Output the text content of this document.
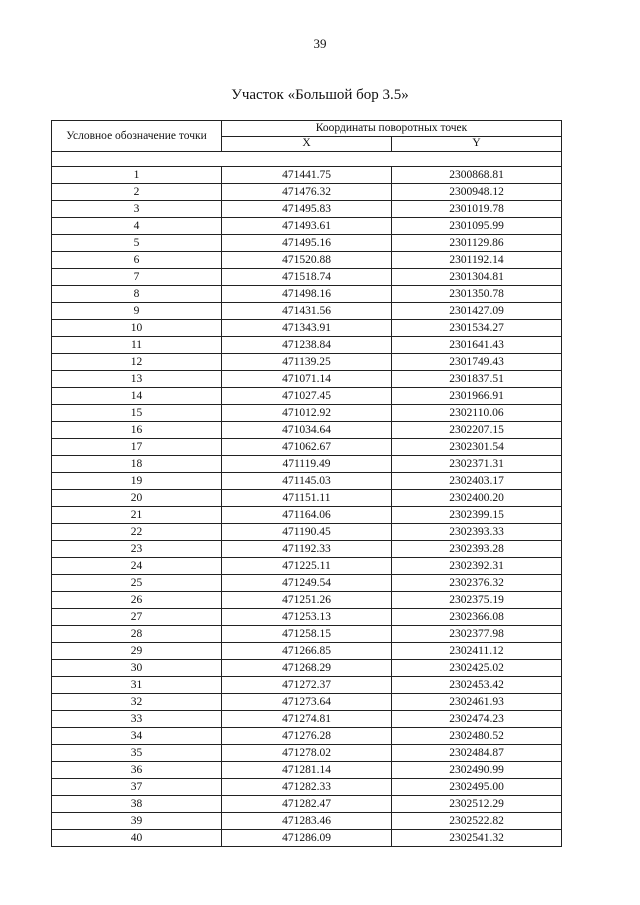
39
Участок «Большой бор 3.5»
Условное обозначение точки	Координаты поворотных точек	
	X	Y

1	471441.75	2300868.81
2	471476.32	2300948.12
3	471495.83	2301019.78
4	471493.61	2301095.99
5	471495.16	2301129.86
6	471520.88	2301192.14
7	471518.74	2301304.81
8	471498.16	2301350.78
9	471431.56	2301427.09
10	471343.91	2301534.27
11	471238.84	2301641.43
12	471139.25	2301749.43
13	471071.14	2301837.51
14	471027.45	2301966.91
15	471012.92	2302110.06
16	471034.64	2302207.15
17	471062.67	2302301.54
18	471119.49	2302371.31
19	471145.03	2302403.17
20	471151.11	2302400.20
21	471164.06	2302399.15
22	471190.45	2302393.33
23	471192.33	2302393.28
24	471225.11	2302392.31
25	471249.54	2302376.32
26	471251.26	2302375.19
27	471253.13	2302366.08
28	471258.15	2302377.98
29	471266.85	2302411.12
30	471268.29	2302425.02
31	471272.37	2302453.42
32	471273.64	2302461.93
33	471274.81	2302474.23
34	471276.28	2302480.52
35	471278.02	2302484.87
36	471281.14	2302490.99
37	471282.33	2302495.00
38	471282.47	2302512.29
39	471283.46	2302522.82
40	471286.09	2302541.32
